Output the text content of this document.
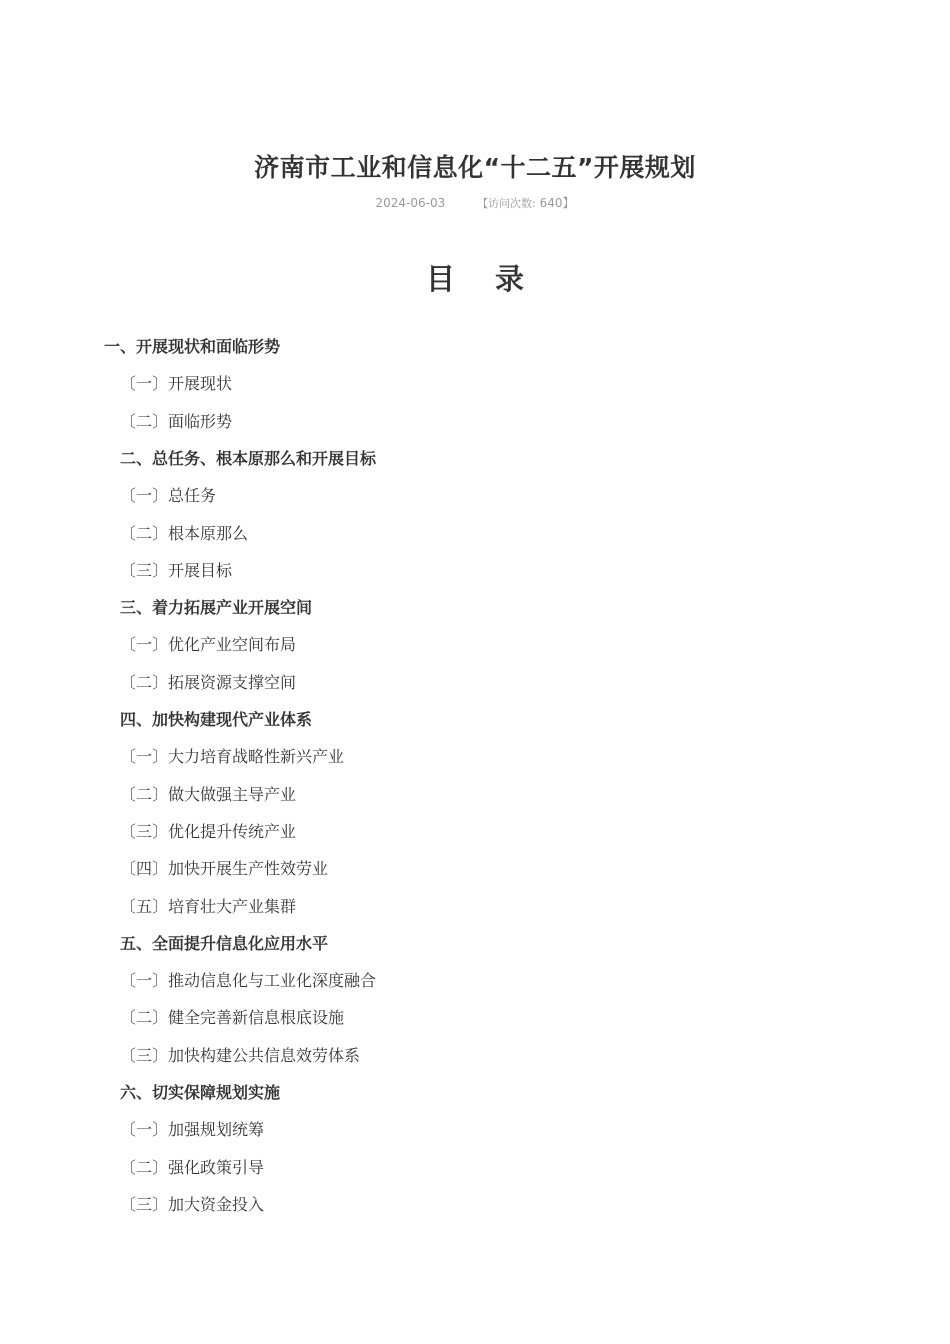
济南市工业和信息化“十二五”开展规划
2024-06-03	【访问次数: 640】
目 录
一、开展现状和面临形势
〔一〕开展现状
〔二〕面临形势
二、总任务、根本原那么和开展目标
〔一〕总任务
〔二〕根本原那么
〔三〕开展目标
三、着力拓展产业开展空间
〔一〕优化产业空间布局
〔二〕拓展资源支撑空间
四、加快构建现代产业体系
〔一〕大力培育战略性新兴产业
〔二〕做大做强主导产业
〔三〕优化提升传统产业
〔四〕加快开展生产性效劳业
〔五〕培育壮大产业集群
五、全面提升信息化应用水平
〔一〕推动信息化与工业化深度融合
〔二〕健全完善新信息根底设施
〔三〕加快构建公共信息效劳体系
六、切实保障规划实施
〔一〕加强规划统筹
〔二〕强化政策引导
〔三〕加大资金投入
